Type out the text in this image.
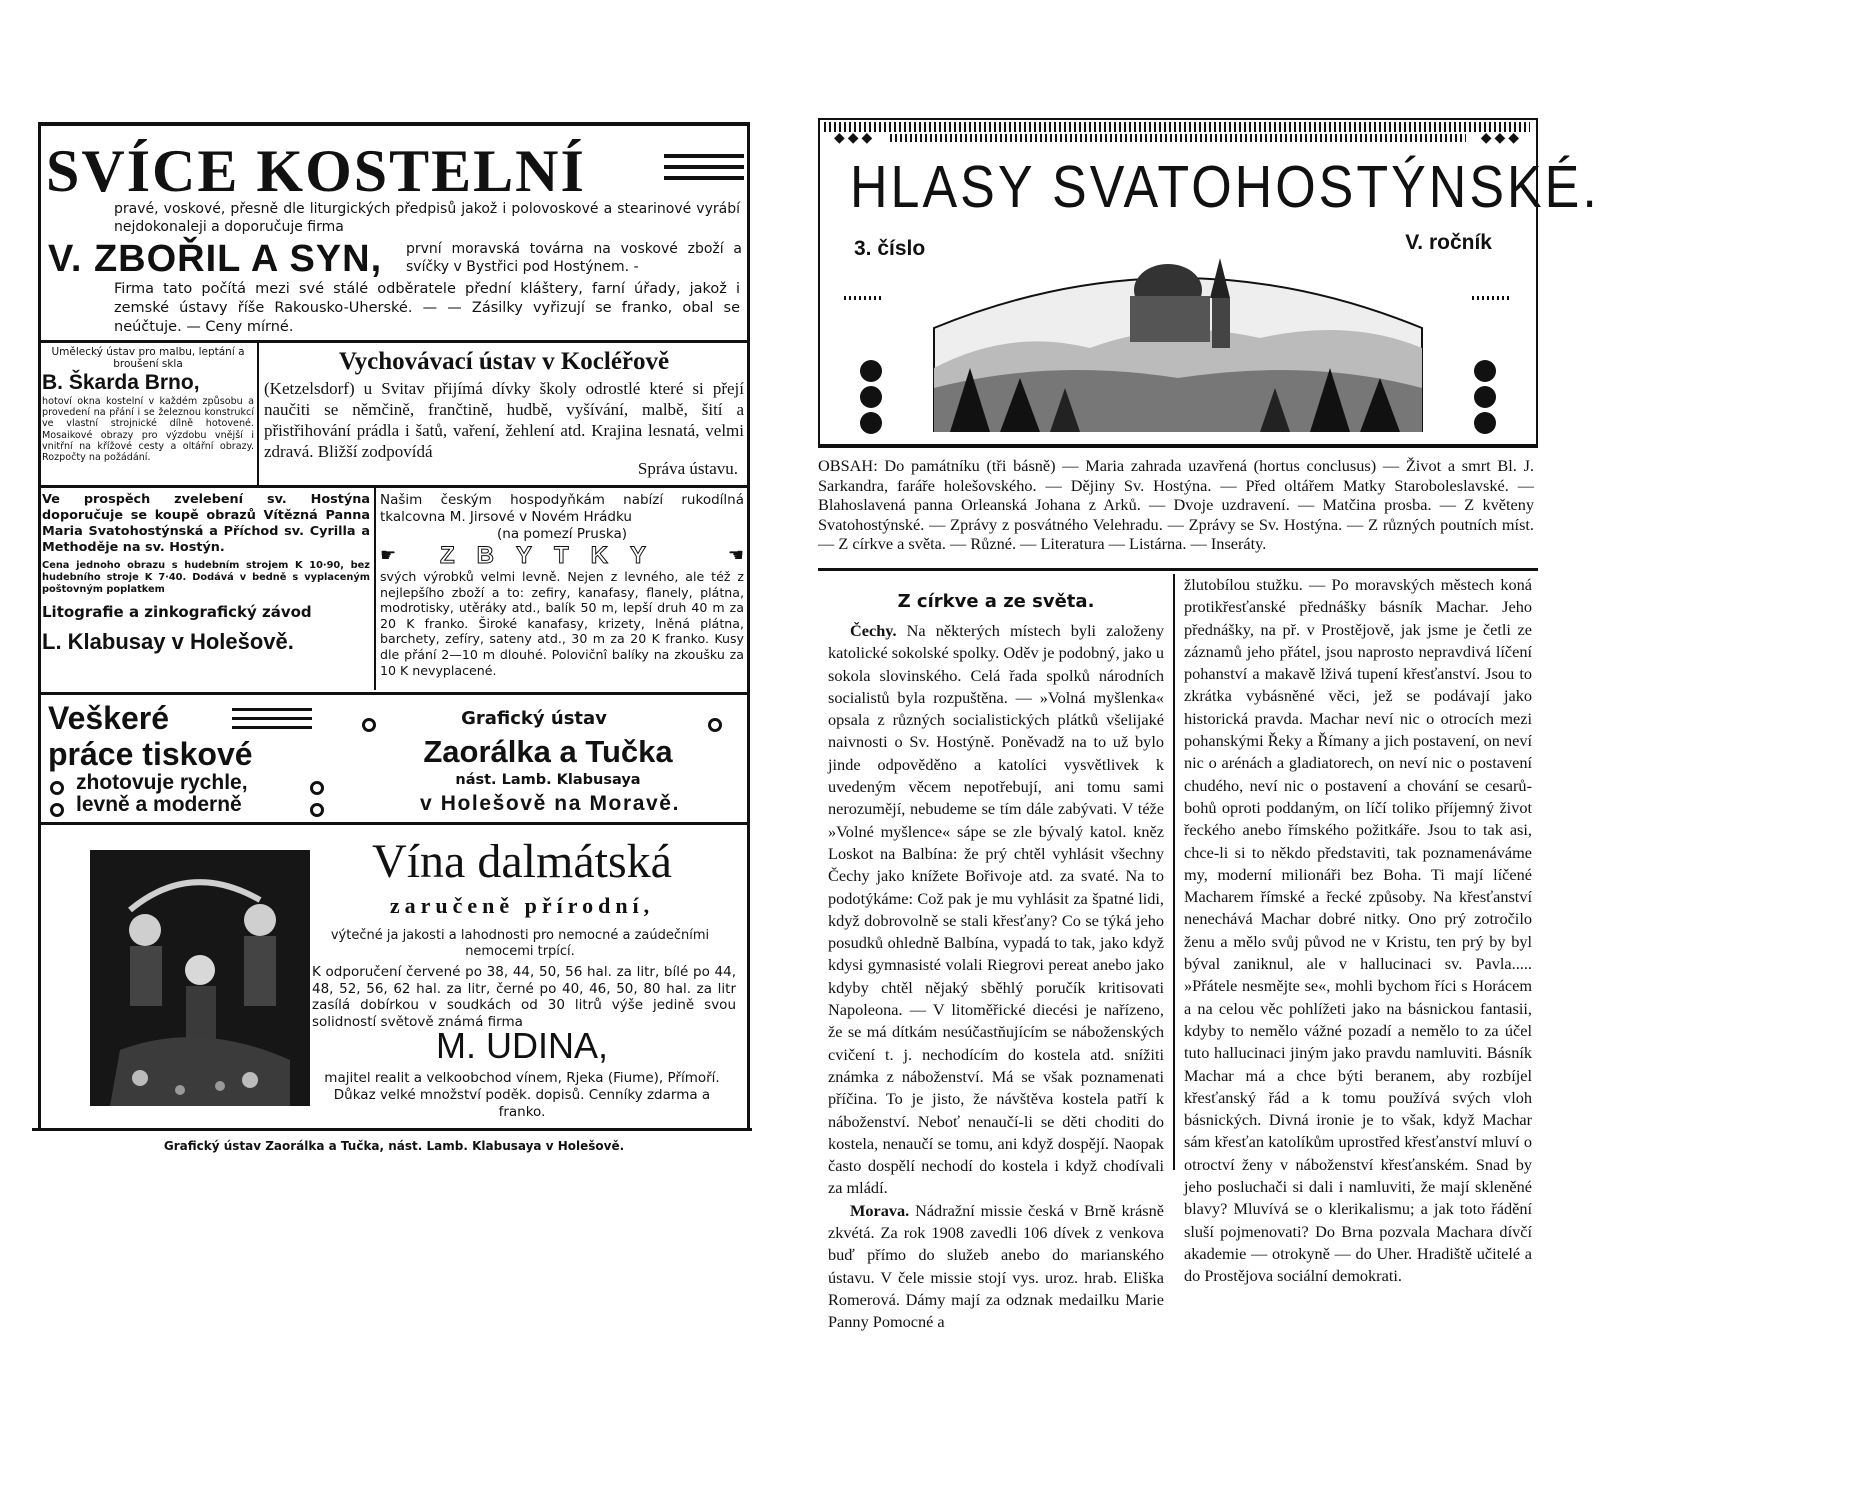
SVÍCE KOSTELNÍ
pravé, voskové, přesně dle liturgických předpisů jakož i polovoskové a stearinové vyrábí nejdokonaleji a doporučuje firma
V. ZBOŘIL A SYN, první moravská továrna na voskové zboží a svíčky v Bystřici pod Hostýnem. -
Firma tato počítá mezi své stálé odběratele přední kláštery, farní úřady, jakož i zemské ústavy říše Rakousko-Uherské. — — Zásilky vyřizují se franko, obal se neúčtuje. — Ceny mírné.
Umělecký ústav pro malbu, leptání a broušení skla
B. Škarda Brno,
hotoví okna kostelní v každém způsobu a provedení na přání i se železnou konstrukcí ve vlastní strojnické dílně hotovené. Mosaikové obrazy pro výzdobu vnější i vnitřní na křížové cesty a oltářní obrazy. Rozpočty na požádání.
Vychovávací ústav v Kocléřově
(Ketzelsdorf) u Svitav přijímá dívky školy odrostlé které si přejí naučiti se němčině, frančtině, hudbě, vyšívání, malbě, šití a přistřihování prádla i šatů, vaření, žehlení atd. Krajina lesnatá, velmi zdravá. Bližší zodpovídá
Správa ústavu.
Ve prospěch zvelebení sv. Hostýna doporučuje se koupě obrazů Vítězná Panna Maria Svatohostýnská a Příchod sv. Cyrilla a Methoděje na sv. Hostýn.
Cena jednoho obrazu s hudebním strojem K 10·90, bez hudebního stroje K 7·40. Dodává v bedně s vyplaceným poštovným poplatkem
Litografie a zinkografický závod
L. Klabusay v Holešově.
Našim českým hospodyňkám nabízí rukodílná tkalcovna M. Jirsové v Novém Hrádku
(na pomezí Pruska)
☛ ZBYTKY	☚
svých výrobků velmi levně. Nejen z levného, ale též z nejlepšího zboží a to: zefiry, kanafasy, flanely, plátna, modrotisky, utěráky atd., balík 50 m, lepší druh 40 m za 20 K franko. Široké kanafasy, krizety, lněná plátna, barchety, zefíry, sateny atd., 30 m za 20 K franko. Kusy dle přání 2—10 m dlouhé. Polovičnî balíky na zkoušku za 10 K nevyplacené.
Veškeré
práce tiskové
zhotovuje rychle,
levně a moderně
Grafický ústav
Zaorálka a Tučka
nást. Lamb. Klabusaya
v Holešově na Moravě.
Vína dalmátská
zaručeně přírodní,
výtečné ja jakosti a lahodnosti pro nemocné a zaúdečními nemocemi trpící.
K odporučení červené po 38, 44, 50, 56 hal. za litr, bílé po 44, 48, 52, 56, 62 hal. za litr, černé po 40, 46, 50, 80 hal. za litr zasílá dobírkou v soudkách od 30 litrů výše jedině svou solidností světově známá firma
M. UDINA,
majitel realit a velkoobchod vínem, Rjeka (Fiume), Přímoří. Důkaz velké množství poděk. dopisů. Cenníky zdarma a franko.
Grafický ústav Zaorálka a Tučka, nást. Lamb. Klabusaya v Holešově.
◆◆◆	◆◆◆
HLASY SVATOHOSTÝNSKÉ.
3. číslo	V. ročník
OBSAH: Do památníku (tři básně) — Maria zahrada uzavřená (hortus conclusus) — Život a smrt Bl. J. Sarkandra, faráře holešovského. — Dějiny Sv. Hostýna. — Před oltářem Matky Staroboleslavské. — Blahoslavená panna Orleanská Johana z Arků. — Dvoje uzdravení. — Matčina prosba. — Z květeny Svatohostýnské. — Zprávy z posvátného Velehradu. — Zprávy se Sv. Hostýna. — Z různých poutních míst. — Z církve a světa. — Různé. — Literatura — Listárna. — Inseráty.
Z církve a ze světa.

Čechy. Na některých místech byli založeny katolické sokolské spolky. Oděv je podobný, jako u sokola slovinského. Celá řada spolků národních socialistů byla rozpuštěna. — »Volná myšlenka« opsala z různých socialistických plátků všelijaké naivnosti o Sv. Hostýně. Poněvadž na to už bylo jinde odpověděno a katolíci vysvětlivek k uvedeným věcem nepotřebují, ani tomu sami nerozumějí, nebudeme se tím dále zabývati. V téže »Volné myšlence« sápe se zle bývalý katol. kněz Loskot na Balbína: že prý chtěl vyhlásit všechny Čechy jako knížete Bořivoje atd. za svaté. Na to podotýkáme: Což pak je mu vyhlásit za špatné lidi, když dobrovolně se stali křesťany? Co se týká jeho posudků ohledně Balbína, vypadá to tak, jako když kdysi gymnasisté volali Riegrovi pereat anebo jako kdyby chtěl nějaký sběhlý poručík kritisovati Napoleona. — V litoměřické diecési je nařízeno, že se má dítkám nesúčastňujícím se náboženských cvičení t. j. nechodícím do kostela atd. snížiti známka z náboženství. Má se však poznamenati příčina. To je jisto, že návštěva kostela patří k náboženství. Neboť nenaučí-li se děti choditi do kostela, nenaučí se tomu, ani když dospějí. Naopak často dospělí nechodí do kostela i když chodívali za mládí.

Morava. Nádražní missie česká v Brně krásně zkvétá. Za rok 1908 zavedli 106 dívek z venkova buď přímo do služeb anebo do marianského ústavu. V čele missie stojí vys. uroz. hrab. Eliška Romerová. Dámy mají za odznak medailku Marie Panny Pomocné a

žlutobílou stužku. — Po moravských městech koná protikřesťanské přednášky básník Machar. Jeho přednášky, na př. v Prostějově, jak jsme je četli ze záznamů jeho přátel, jsou naprosto nepravdivá líčení pohanství a makavě lživá tupení křesťanství. Jsou to zkrátka vybásněné věci, jež se podávají jako historická pravda. Machar neví nic o otrocích mezi pohanskými Řeky a Římany a jich postavení, on neví nic o arénách a gladiatorech, on neví nic o postavení chudého, neví nic o postavení a chování se cesarů-bohů oproti poddaným, on líčí toliko příjemný život řeckého anebo římského požitkáře. Jsou to tak asi, chce-li si to někdo představiti, tak poznamenáváme my, moderní milionáři bez Boha. Ti mají líčené Macharem římské a řecké způsoby. Na křesťanství nenechává Machar dobré nitky. Ono prý zotročilo ženu a mělo svůj původ ne v Kristu, ten prý by byl býval zaniknul, ale v hallucinaci sv. Pavla..... »Přátele nesmějte se«, mohli bychom říci s Horácem a na celou věc pohlížeti jako na básnickou fantasii, kdyby to nemělo vážné pozadí a nemělo to za účel tuto hallucinaci jiným jako pravdu namluviti. Básník Machar má a chce býti beranem, aby rozbíjel křesťanský řád a k tomu používá svých vloh básnických. Divná ironie je to však, když Machar sám křesťan katolíkům uprostřed křesťanství mluví o otroctví ženy v náboženství křesťanském. Snad by jeho posluchači si dali i namluviti, že mají skleněné blavy? Mluvívá se o klerikalismu; a jak toto řádění sluší pojmenovati? Do Brna pozvala Machara dívčí akademie — otrokyně — do Uher. Hradiště učitelé a do Prostějova sociální demokrati.
